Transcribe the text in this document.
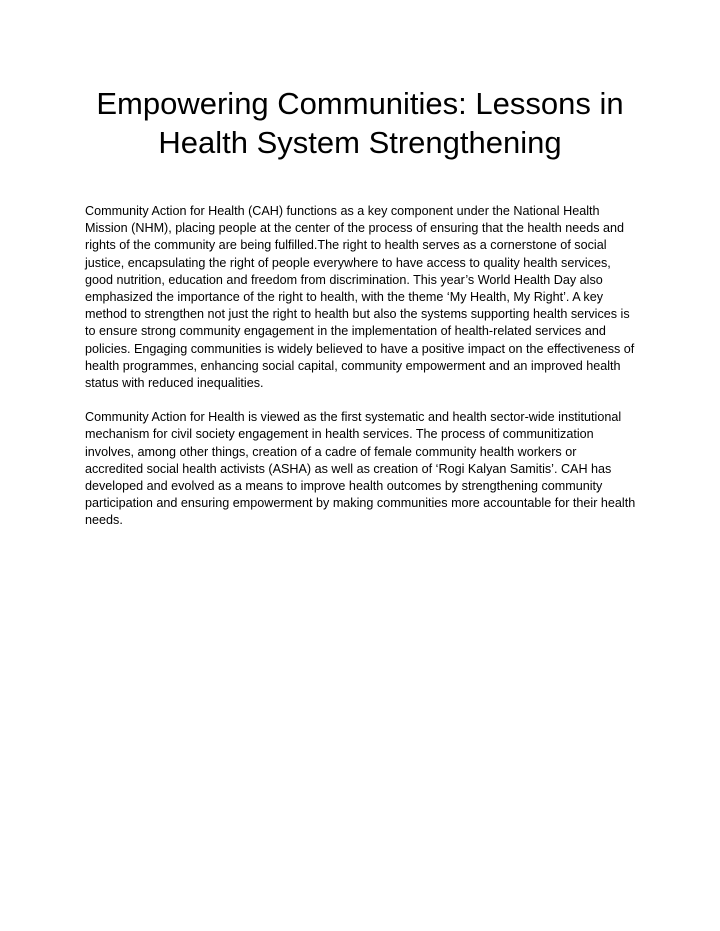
Empowering Communities: Lessons in Health System Strengthening

Community Action for Health (CAH) functions as a key component under the National Health Mission (NHM), placing people at the center of the process of ensuring that the health needs and rights of the community are being fulfilled.The right to health serves as a cornerstone of social justice, encapsulating the right of people everywhere to have access to quality health services, good nutrition, education and freedom from discrimination. This year’s World Health Day also emphasized the importance of the right to health, with the theme ‘My Health, My Right’. A key method to strengthen not just the right to health but also the systems supporting health services is to ensure strong community engagement in the implementation of health-related services and policies. Engaging communities is widely believed to have a positive impact on the effectiveness of health programmes, enhancing social capital, community empowerment and an improved health status with reduced inequalities.

Community Action for Health is viewed as the first systematic and health sector-wide institutional mechanism for civil society engagement in health services. The process of communitization involves, among other things, creation of a cadre of female community health workers or accredited social health activists (ASHA) as well as creation of ‘Rogi Kalyan Samitis’. CAH has developed and evolved as a means to improve health outcomes by strengthening community participation and ensuring empowerment by making communities more accountable for their health needs.
